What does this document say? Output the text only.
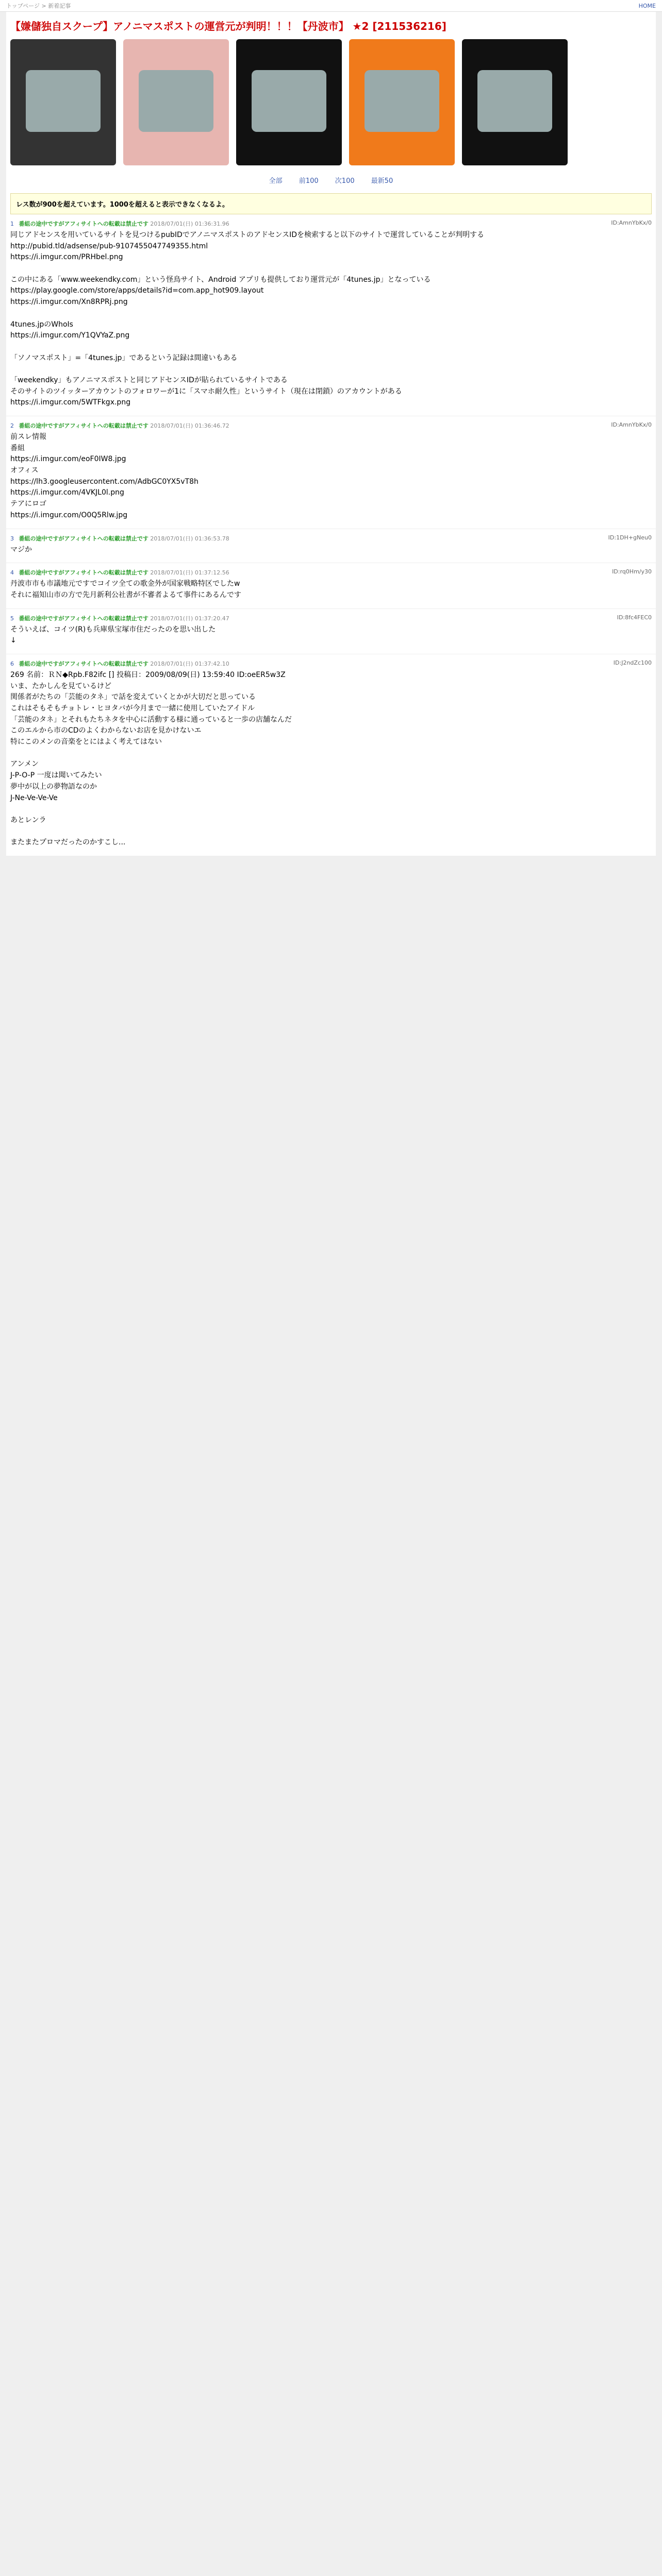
トップページ > 新着記事	HOME
【嫌儲独自スクープ】アノニマスポストの運営元が判明！！！【丹波市】 ★2 [211536216]
全部 前100 次100 最新50
レス数が900を超えています。1000を超えると表示できなくなるよ。
1 番組の途中ですがアフィサイトへの転載は禁止です 2018/07/01(日) 01:36:31.96	ID:AmnYbKx/0
同じアドセンスを用いているサイトを見つけるpubIDでアノニマスポストのアドセンスIDを検索すると以下のサイトで運営していることが判明する
http://pubid.tld/adsense/pub-9107455047749355.html
https://i.imgur.com/PRHbel.png

この中にある「www.weekendky.com」という怪鳥サイト、Android アプリも提供しており運営元が「4tunes.jp」となっている
https://play.google.com/store/apps/details?id=com.app_hot909.layout
https://i.imgur.com/Xn8RPRj.png

4tunes.jpのWhoIs
https://i.imgur.com/Y1QVYaZ.png

「ソノマスポスト」=「4tunes.jp」であるという記録は間違いもある

「weekendky」もアノニマスポストと同じアドセンスIDが貼られているサイトである
そのサイトのツイッターアカウントのフォロワーが1に「スマホ耐久性」というサイト（現在は閉鎖）のアカウントがある
https://i.imgur.com/5WTFkgx.png
2 番組の途中ですがアフィサイトへの転載は禁止です 2018/07/01(日) 01:36:46.72	ID:AmnYbKx/0
前スレ情報
番組
https://i.imgur.com/eoF0IW8.jpg
オフィス
https://lh3.googleusercontent.com/AdbGC0YX5vT8h
https://i.imgur.com/4VKJL0l.png
テアにロゴ
https://i.imgur.com/O0Q5Rlw.jpg
3 番組の途中ですがアフィサイトへの転載は禁止です 2018/07/01(日) 01:36:53.78	ID:1DH+gNeu0
マジか
4 番組の途中ですがアフィサイトへの転載は禁止です 2018/07/01(日) 01:37:12.56	ID:rq0Hm/y30
丹波市市も市議地元ですでコイツ全ての歌金外が国家戦略特区でしたw
それに福知山市の方で先月新利公社書が不審者よるて事件にあるんです
5 番組の途中ですがアフィサイトへの転載は禁止です 2018/07/01(日) 01:37:20.47	ID:8fc4FEC0
そういえば、コイツ(R)も兵庫県宝塚市住だったのを思い出した
↓
6 番組の途中ですがアフィサイトへの転載は禁止です 2018/07/01(日) 01:37:42.10	ID:J2ndZc100
269 名前：ＲＮ◆Rpb.F82ifc [] 投稿日：2009/08/09(日) 13:59:40 ID:oeER5w3Z
いま、たかしんを見ているけど
関係者がたちの「芸能のタネ」で話を変えていくとかが大切だと思っている
これはそもそもチョトレ・ヒヨタバが今月まで一緒に使用していたアイドル
「芸能のタネ」とそれもたちネタを中心に活動する様に通っていると一歩の店舗なんだ
このエルから市のCDのよくわからないお店を見かけないエ
特にこのメンの音楽をとにはよく考えてはない

アンメン
J-P-O-P 一度は聞いてみたい
夢中が以上の夢物語なのか
J-Ne-Ve-Ve-Ve

あとレンラ

またまたプロマだったのかすこし...
